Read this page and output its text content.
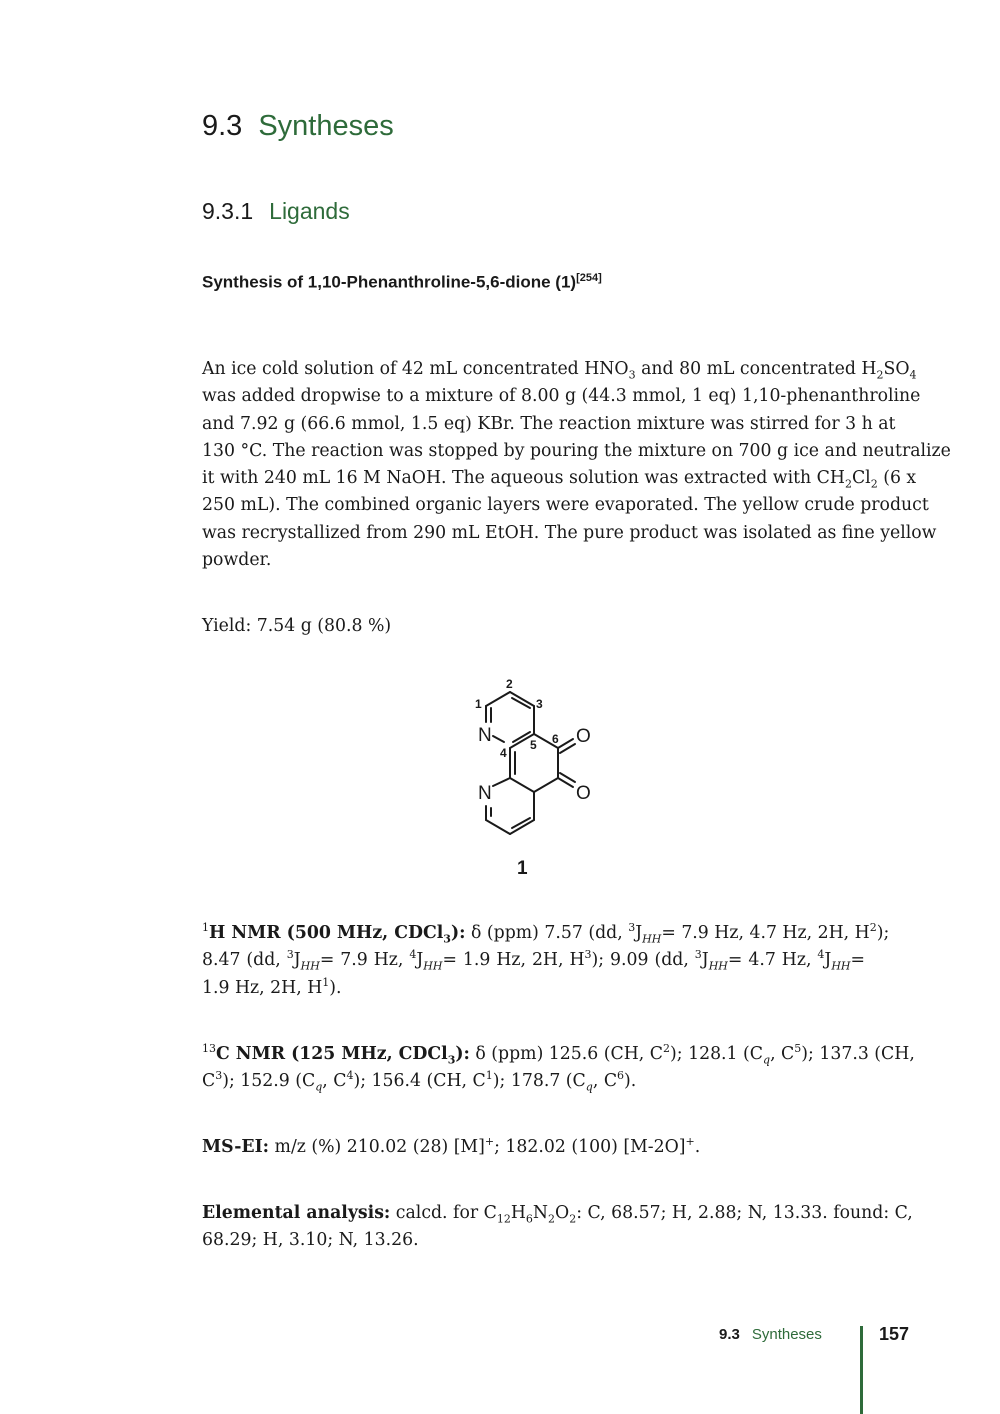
9.3 Syntheses
9.3.1 Ligands
Synthesis of 1,10-Phenanthroline-5,6-dione (1)[254]
An ice cold solution of 42 mL concentrated $HNO_3$ and 80 mL concentrated $H_2SO_4$
was added dropwise to a mixture of 8.00 g (44.3 mmol, 1 eq) 1,10-phenanthroline
and 7.92 g (66.6 mmol, 1.5 eq) KBr. The reaction mixture was stirred for 3 h at
130 °C. The reaction was stopped by pouring the mixture on 700 g ice and neutralize
it with 240 mL 16 M NaOH. The aqueous solution was extracted with $CH_2Cl_2$ (6 x
250 mL). The combined organic layers were evaporated. The yellow crude product
was recrystallized from 290 mL EtOH. The pure product was isolated as fine yellow
powder.
Yield: 7.54 g (80.8 %)
N
N
O
O
1
2
3
4
5 6
1
$^1$H NMR (500 MHz, CDCl$_3$): δ (ppm) 7.57 (dd, $^3J_{HH}= 7.9$ Hz, 4.7 Hz, 2H, $H^2$);
8.47 (dd, $^3J_{HH}= 7.9$ Hz, $^4J_{HH}= 1.9$ Hz, 2H, $H^3$); 9.09 (dd, $^3J_{HH}= 4.7$ Hz, $^4J_{HH}=$
1.9 Hz, 2H, $H^1$).
$^{13}$C NMR (125 MHz, CDCl$_3$): δ (ppm) 125.6 (CH, $C^2$); 128.1 ($C_q$, $C^5$); 137.3 (CH,
$C^3$); 152.9 ($C_q$, $C^4$); 156.4 (CH, $C^1$); 178.7 ($C_q$, $C^6$).
MS-EI: m/z (%) 210.02 (28) [M]+; 182.02 (100) [M-2O]+.
Elemental analysis: calcd. for $C_{12}H_6N_2O_2$: C, 68.57; H, 2.88; N, 13.33. found: C,
68.29; H, 3.10; N, 13.26.
9.3 Syntheses	157
